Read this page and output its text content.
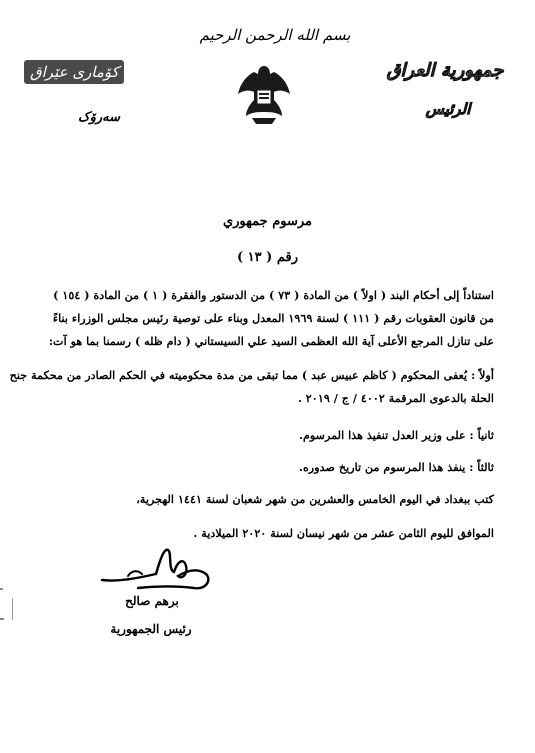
بسم الله الرحمن الرحيم
کۆماری عێراق
سەرۆک
جمهورية العراق
الرئيس
مرسوم جمهوري
رقم ( ١٣ )
استناداً إلى أحكام البند ( اولاً ) من المادة ( ٧٣ ) من الدستور والفقرة ( ١ ) من المادة ( ١٥٤ )
من قانون العقوبات رقم ( ١١١ ) لسنة ١٩٦٩ المعدل وبناء على توصية رئيس مجلس الوزراء بناءً
على تنازل المرجع الأعلى آية الله العظمى السيد علي السيستاني ( دام ظله ) رسمنا بما هو آت:
أولاً : يُعفى المحكوم ( كاظم عبيس عبد ) مما تبقى من مدة محكوميته في الحكم الصادر من محكمة جنح
الحلة بالدعوى المرقمة ٤٠٠٢ / ج / ٢٠١٩ .
ثانياً : على وزير العدل تنفيذ هذا المرسوم.
ثالثاً : ينفذ هذا المرسوم من تاريخ صدوره.
كتب ببغداد في اليوم الخامس والعشرين من شهر شعبان لسنة ١٤٤١ الهجرية،
الموافق لليوم الثامن عشر من شهر نيسان لسنة ٢٠٢٠ الميلادية .
برهم صالح
رئيس الجمهورية
